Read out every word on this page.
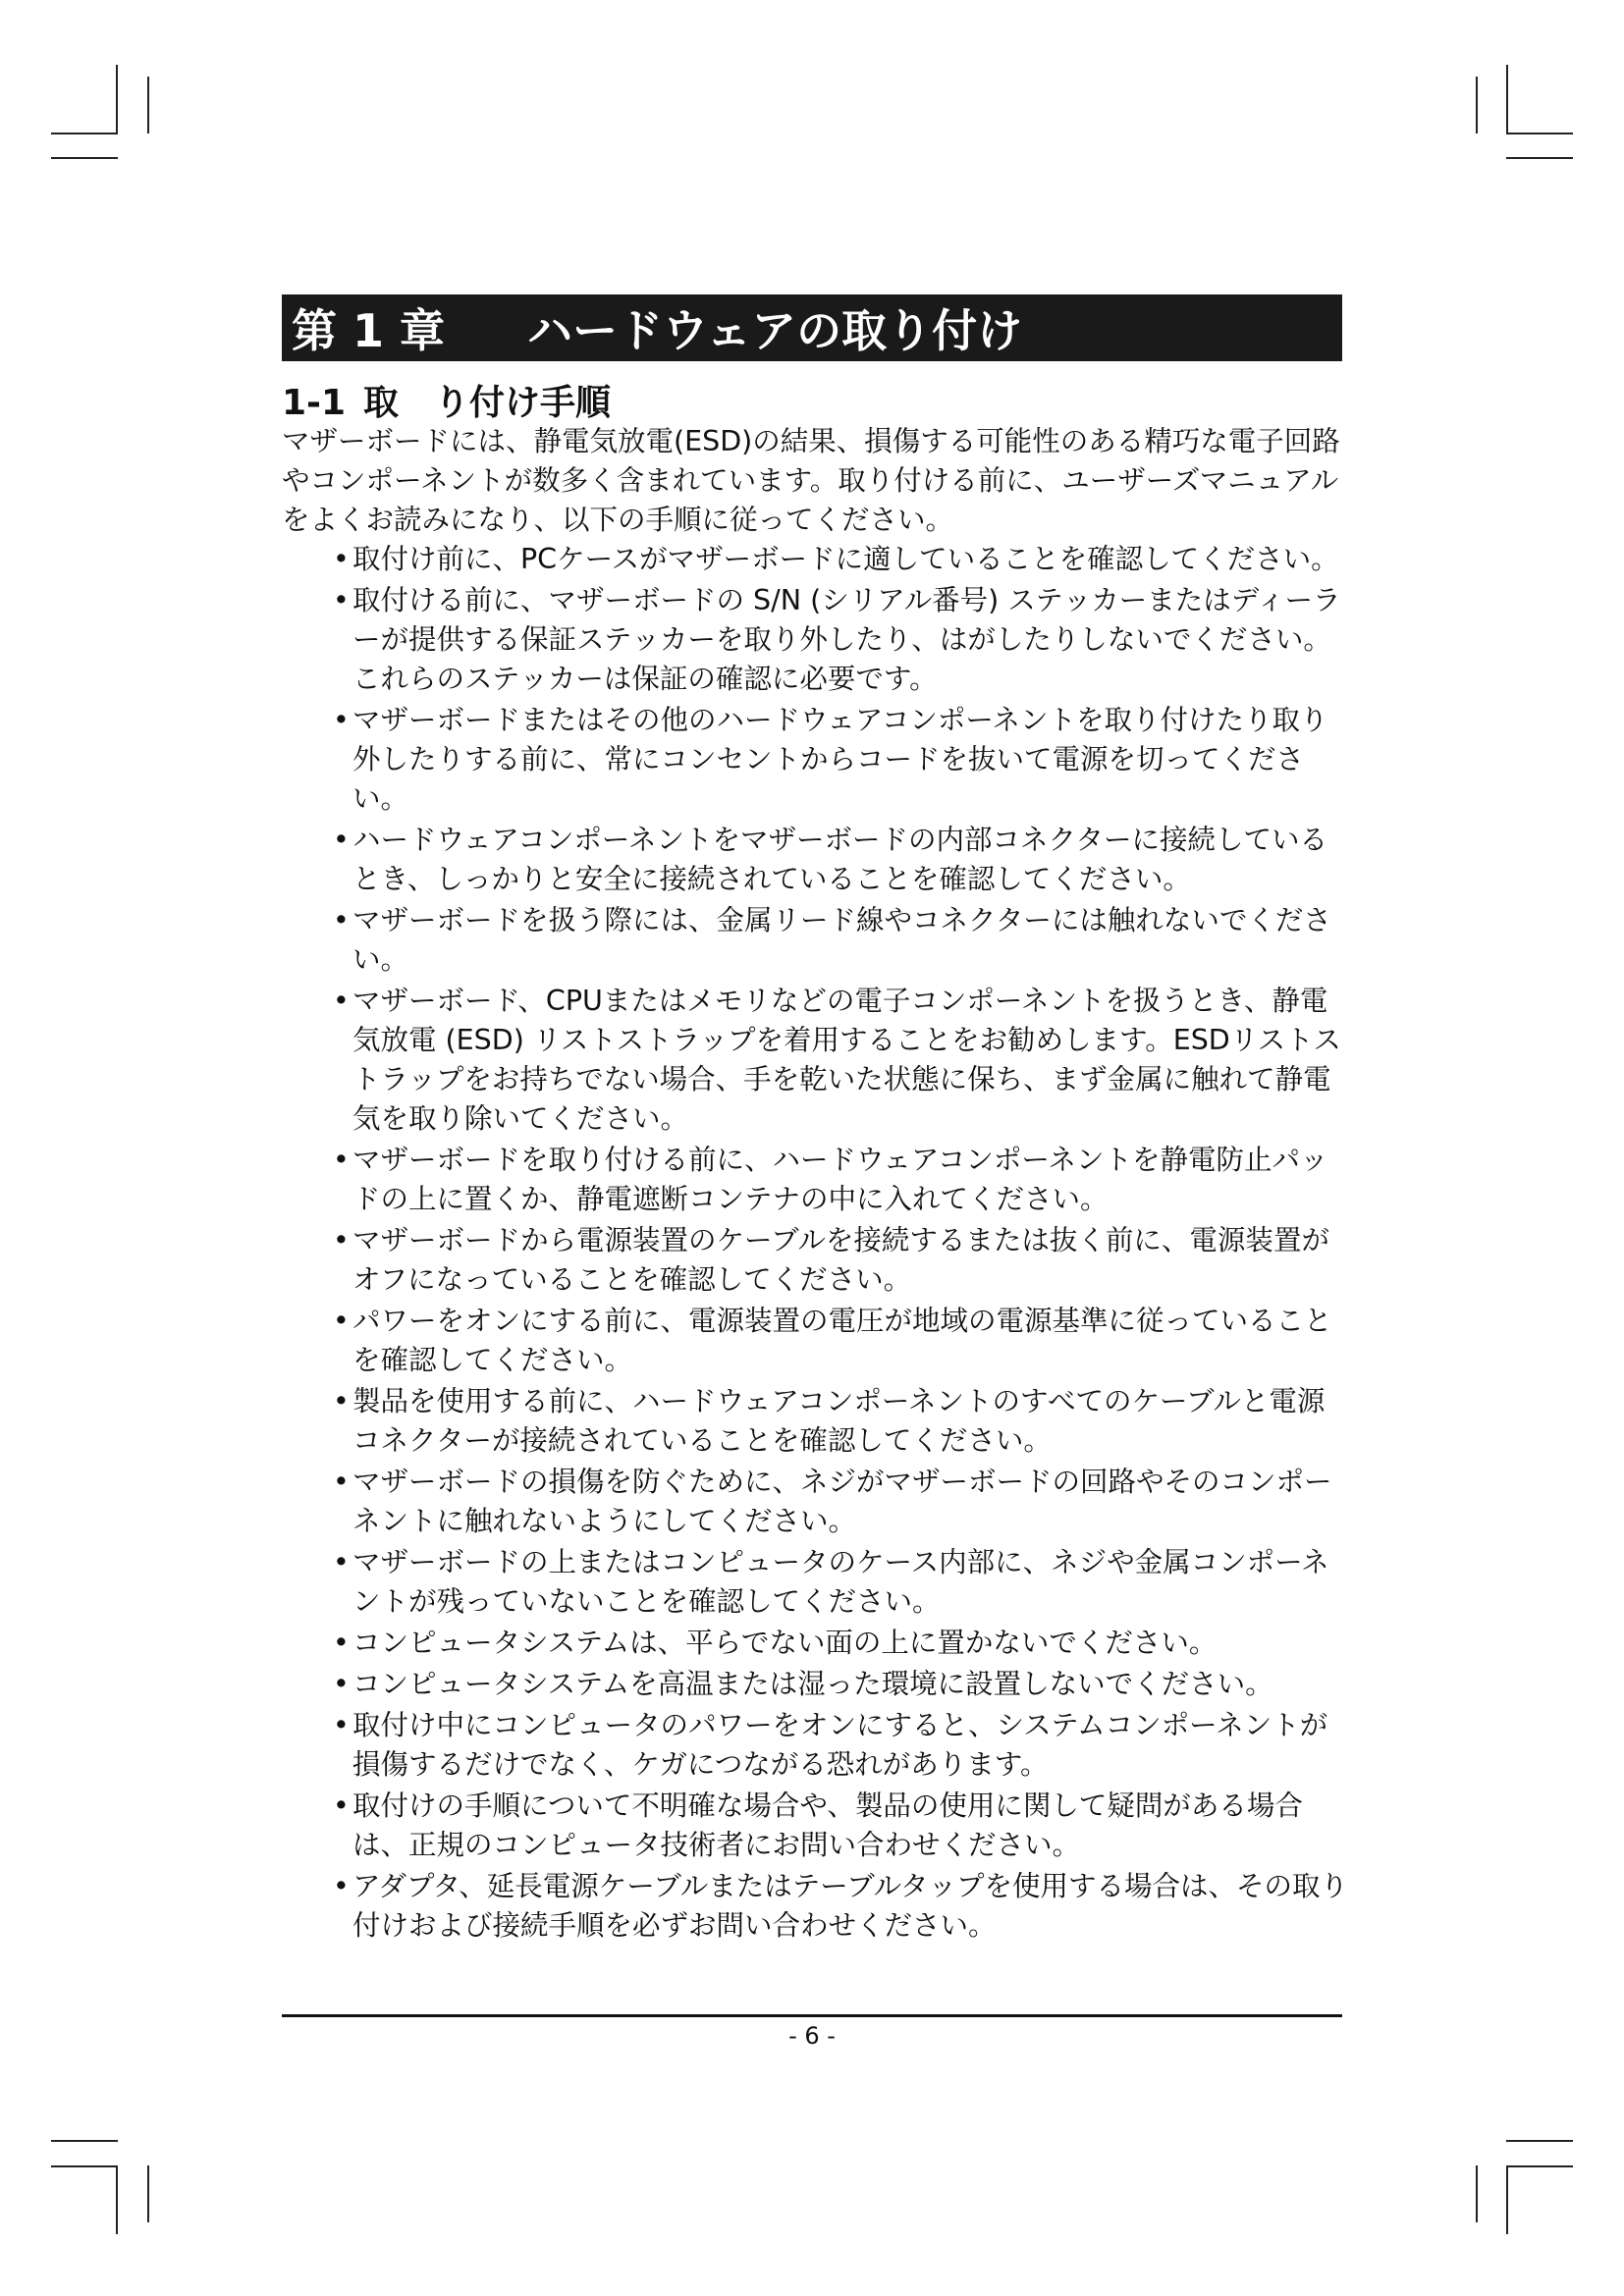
第 1 章 ハードウェアの取り付け
1-1 取　り付け手順

マザーボードには、静電気放電(ESD)の結果、損傷する可能性のある精巧な電子回路やコンポーネントが数多く含まれています。取り付ける前に、ユーザーズマニュアルをよくお読みになり、以下の手順に従ってください。

• 取付け前に、PCケースがマザーボードに適していることを確認してください。
• 取付ける前に、マザーボードの S/N (シリアル番号) ステッカーまたはディーラーが提供する保証ステッカーを取り外したり、はがしたりしないでください。これらのステッカーは保証の確認に必要です。
• マザーボードまたはその他のハードウェアコンポーネントを取り付けたり取り外したりする前に、常にコンセントからコードを抜いて電源を切ってください。
• ハードウェアコンポーネントをマザーボードの内部コネクターに接続しているとき、しっかりと安全に接続されていることを確認してください。
• マザーボードを扱う際には、金属リード線やコネクターには触れないでください。
• マザーボード、CPUまたはメモリなどの電子コンポーネントを扱うとき、静電気放電 (ESD) リストストラップを着用することをお勧めします。ESDリストストラップをお持ちでない場合、手を乾いた状態に保ち、まず金属に触れて静電気を取り除いてください。
• マザーボードを取り付ける前に、ハードウェアコンポーネントを静電防止パッドの上に置くか、静電遮断コンテナの中に入れてください。
• マザーボードから電源装置のケーブルを接続するまたは抜く前に、電源装置がオフになっていることを確認してください。
• パワーをオンにする前に、電源装置の電圧が地域の電源基準に従っていることを確認してください。
• 製品を使用する前に、ハードウェアコンポーネントのすべてのケーブルと電源コネクターが接続されていることを確認してください。
• マザーボードの損傷を防ぐために、ネジがマザーボードの回路やそのコンポーネントに触れないようにしてください。
• マザーボードの上またはコンピュータのケース内部に、ネジや金属コンポーネントが残っていないことを確認してください。
• コンピュータシステムは、平らでない面の上に置かないでください。
• コンピュータシステムを高温または湿った環境に設置しないでください。
• 取付け中にコンピュータのパワーをオンにすると、システムコンポーネントが損傷するだけでなく、ケガにつながる恐れがあります。
• 取付けの手順について不明確な場合や、製品の使用に関して疑問がある場合は、正規のコンピュータ技術者にお問い合わせください。
• アダプタ、延長電源ケーブルまたはテーブルタップを使用する場合は、その取り付けおよび接続手順を必ずお問い合わせください。
- 6 -
